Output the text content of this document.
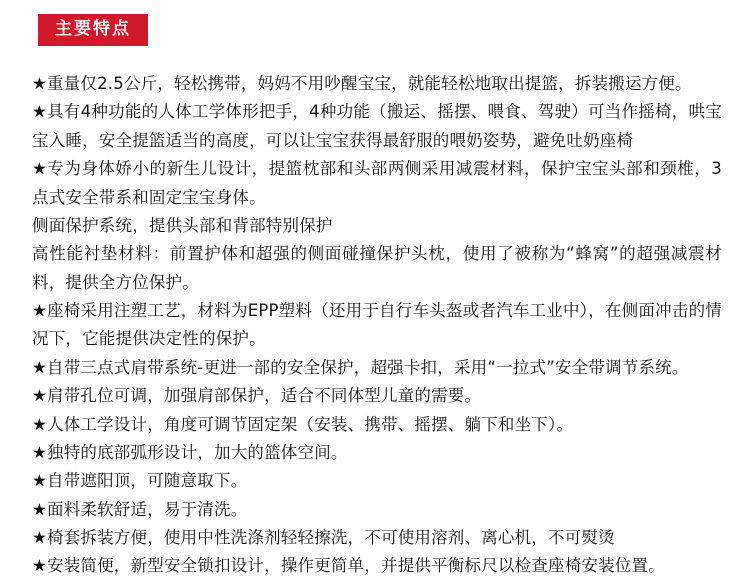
主要特点

★重量仅2.5公斤，轻松携带，妈妈不用吵醒宝宝，就能轻松地取出提篮，拆装搬运方便。

★具有4种功能的人体工学体形把手，4种功能（搬运、摇摆、喂食、驾驶）可当作摇椅，哄宝宝入睡，安全提篮适当的高度，可以让宝宝获得最舒服的喂奶姿势，避免吐奶座椅

★专为身体娇小的新生儿设计，提篮枕部和头部两侧采用减震材料，保护宝宝头部和颈椎，3点式安全带系和固定宝宝身体。

侧面保护系统，提供头部和背部特别保护

高性能衬垫材料：前置护体和超强的侧面碰撞保护头枕，使用了被称为“蜂窝”的超强减震材料，提供全方位保护。

★座椅采用注塑工艺，材料为EPP塑料（还用于自行车头盔或者汽车工业中），在侧面冲击的情况下，它能提供决定性的保护。

★自带三点式肩带系统-更进一部的安全保护，超强卡扣，采用“一拉式”安全带调节系统。

★肩带孔位可调，加强肩部保护，适合不同体型儿童的需要。

★人体工学设计，角度可调节固定架（安装、携带、摇摆、躺下和坐下）。

★独特的底部弧形设计，加大的篮体空间。

★自带遮阳顶，可随意取下。

★面料柔软舒适，易于清洗。

★椅套拆装方便，使用中性洗涤剂轻轻擦洗，不可使用溶剂、离心机，不可熨烫

★安装简便，新型安全锁扣设计，操作更简单，并提供平衡标尺以检查座椅安装位置。
